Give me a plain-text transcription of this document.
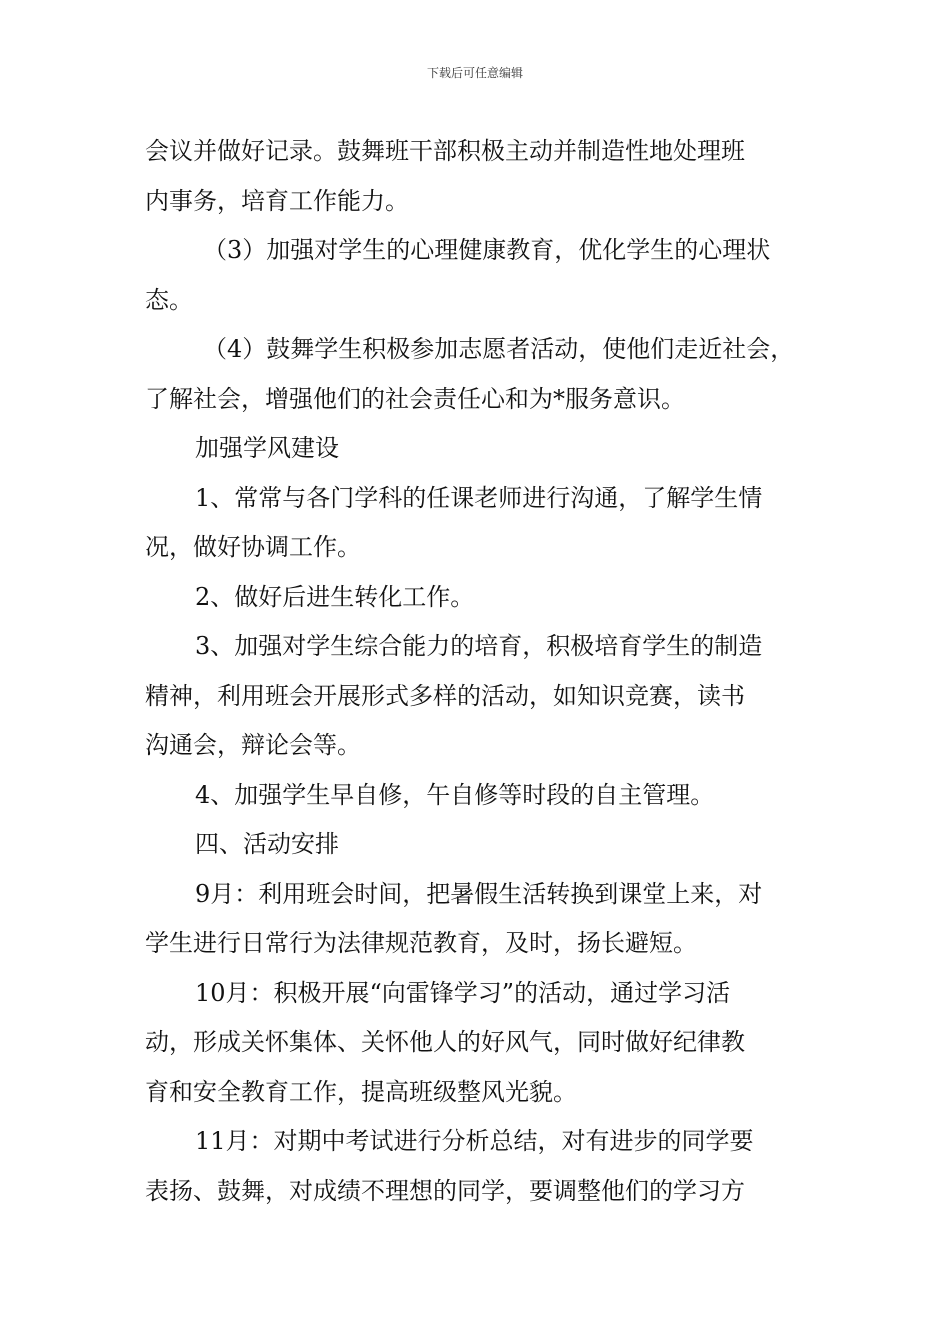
下载后可任意编辑
会议并做好记录。鼓舞班干部积极主动并制造性地处理班
内事务，培育工作能力。
（3）加强对学生的心理健康教育，优化学生的心理状
态。
（4）鼓舞学生积极参加志愿者活动，使他们走近社会，
了解社会，增强他们的社会责任心和为*服务意识。
加强学风建设
1、常常与各门学科的任课老师进行沟通，了解学生情
况，做好协调工作。
2、做好后进生转化工作。
3、加强对学生综合能力的培育，积极培育学生的制造
精神，利用班会开展形式多样的活动，如知识竞赛，读书
沟通会，辩论会等。
4、加强学生早自修，午自修等时段的自主管理。
四、活动安排
9月：利用班会时间，把暑假生活转换到课堂上来，对
学生进行日常行为法律规范教育，及时，扬长避短。
10月：积极开展“向雷锋学习”的活动，通过学习活
动，形成关怀集体、关怀他人的好风气，同时做好纪律教
育和安全教育工作，提高班级整风光貌。
11月：对期中考试进行分析总结，对有进步的同学要
表扬、鼓舞，对成绩不理想的同学，要调整他们的学习方
